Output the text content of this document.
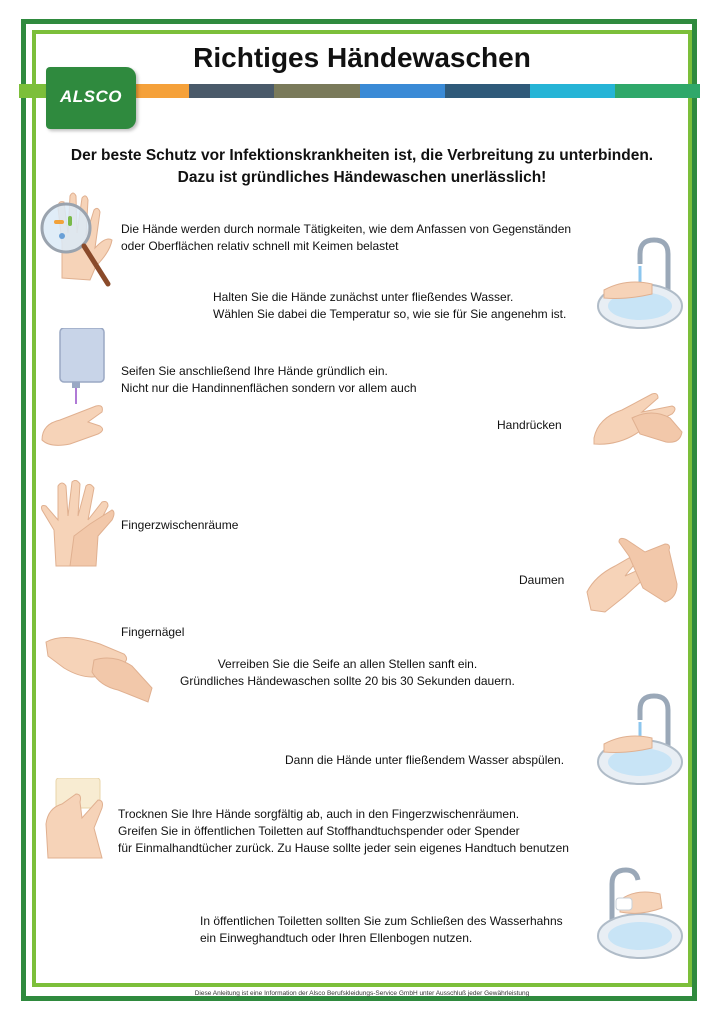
Richtiges Händewaschen
ALSCO
Der beste Schutz vor Infektionskrankheiten ist, die Verbreitung zu unterbinden.
Dazu ist gründliches Händewaschen unerlässlich!
Die Hände werden durch normale Tätigkeiten, wie dem Anfassen von Gegenständen
oder Oberflächen relativ schnell mit Keimen belastet
Halten Sie die Hände zunächst unter fließendes Wasser.
Wählen Sie dabei die Temperatur so, wie sie für Sie angenehm ist.
Seifen Sie anschließend Ihre Hände gründlich ein.
Nicht nur die Handinnenflächen sondern vor allem auch
Handrücken
Fingerzwischenräume
Daumen
Fingernägel
Verreiben Sie die Seife an allen Stellen sanft ein.
Gründliches Händewaschen sollte 20 bis 30 Sekunden dauern.
Dann die Hände unter fließendem Wasser abspülen.
Trocknen Sie Ihre Hände sorgfältig ab, auch in den Fingerzwischenräumen.
Greifen Sie in öffentlichen Toiletten auf Stoffhandtuchspender oder Spender
für Einmalhandtücher zurück. Zu Hause sollte jeder sein eigenes Handtuch benutzen
In öffentlichen Toiletten sollten Sie zum Schließen des Wasserhahns
ein Einweghandtuch oder Ihren Ellenbogen nutzen.
Diese Anleitung ist eine Information der Alsco Berufskleidungs-Service GmbH unter Ausschluß jeder Gewährleistung
